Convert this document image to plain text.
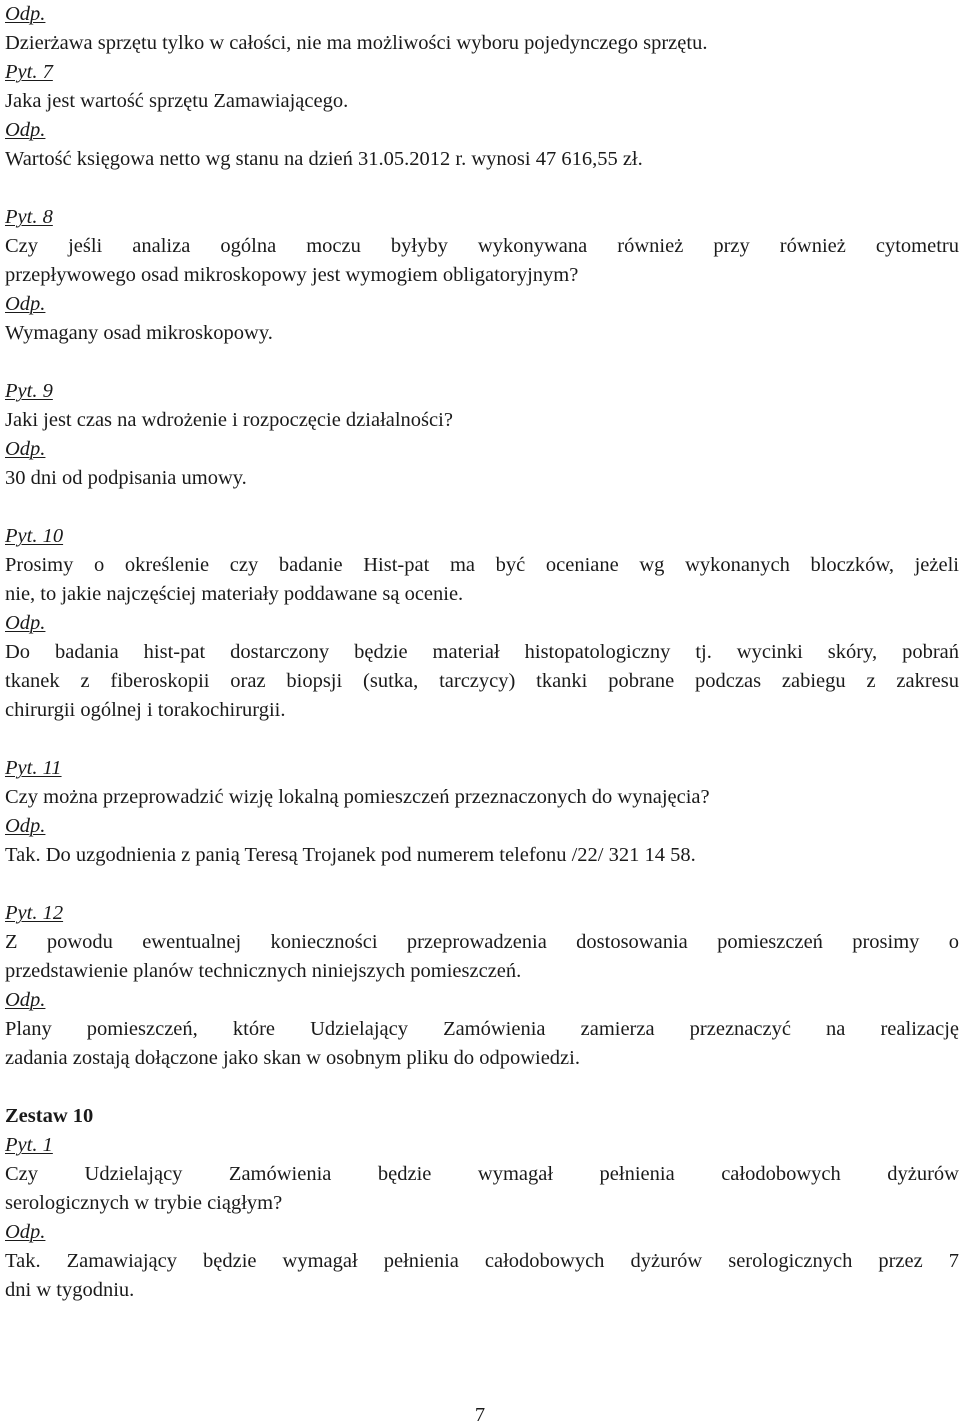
Odp.

Dzierżawa sprzętu tylko w całości, nie ma możliwości wyboru pojedynczego sprzętu.

Pyt. 7

Jaka jest wartość sprzętu Zamawiającego.

Odp.

Wartość księgowa netto wg stanu na dzień 31.05.2012 r. wynosi 47 616,55 zł.

Pyt. 8

Czy jeśli analiza ogólna moczu byłyby wykonywana również przy również cytometru

przepływowego osad mikroskopowy jest wymogiem obligatoryjnym?

Odp.

Wymagany osad mikroskopowy.

Pyt. 9

Jaki jest czas na wdrożenie i rozpoczęcie działalności?

Odp.

30 dni od podpisania umowy.

Pyt. 10

Prosimy o określenie czy badanie Hist-pat ma być oceniane wg wykonanych bloczków, jeżeli

nie, to jakie najczęściej materiały poddawane są ocenie.

Odp.

Do badania hist-pat dostarczony będzie materiał histopatologiczny tj. wycinki skóry, pobrań

tkanek z fiberoskopii oraz biopsji (sutka, tarczycy) tkanki pobrane podczas zabiegu z zakresu

chirurgii ogólnej i torakochirurgii.

Pyt. 11

Czy można przeprowadzić wizję lokalną pomieszczeń przeznaczonych do wynajęcia?

Odp.

Tak. Do uzgodnienia z panią Teresą Trojanek pod numerem telefonu /22/ 321 14 58.

Pyt. 12

Z powodu ewentualnej konieczności przeprowadzenia dostosowania pomieszczeń prosimy o

przedstawienie planów technicznych niniejszych pomieszczeń.

Odp.

Plany pomieszczeń, które Udzielający Zamówienia zamierza przeznaczyć na realizację

zadania zostają dołączone jako skan w osobnym pliku do odpowiedzi.

Zestaw 10

Pyt. 1

Czy Udzielający Zamówienia będzie wymagał pełnienia całodobowych dyżurów

serologicznych w trybie ciągłym?

Odp.

Tak. Zamawiający będzie wymagał pełnienia całodobowych dyżurów serologicznych przez 7

dni w tygodniu.

7
